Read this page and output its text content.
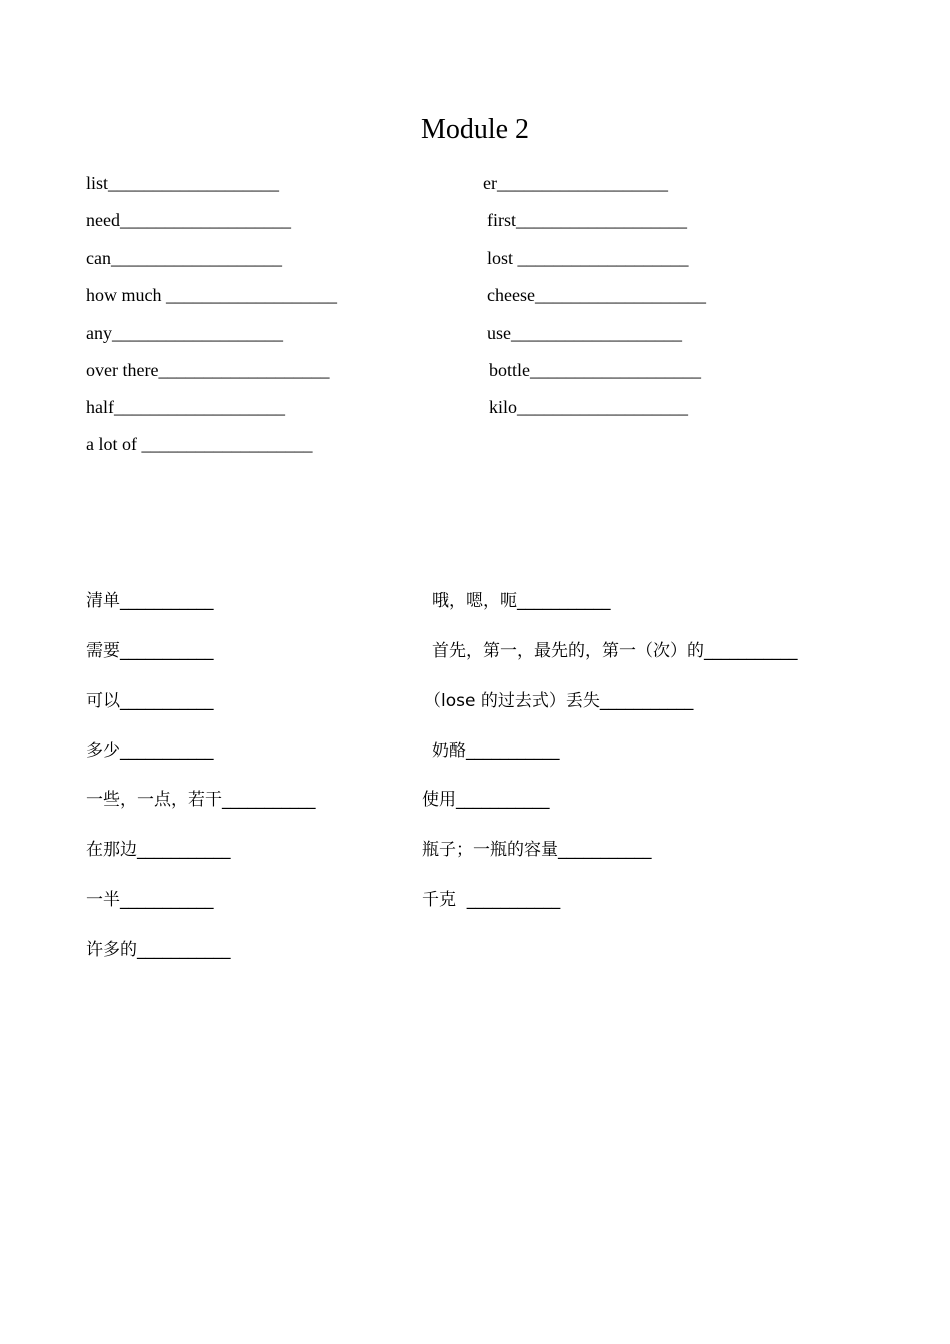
Module 2
list___________________
need___________________
can___________________
how much ___________________
any___________________
over there___________________
half___________________
a lot of ___________________
er___________________
first___________________
lost ___________________
cheese___________________
use___________________
bottle___________________
kilo___________________
清单___________
需要___________
可以___________
多少___________
一些，一点，若干___________
在那边___________
一半___________
许多的___________
哦，嗯，呃___________
首先，第一，最先的，第一（次）的___________
（lose 的过去式）丢失___________
奶酪___________
使用___________
瓶子；一瓶的容量___________
千克  ___________
